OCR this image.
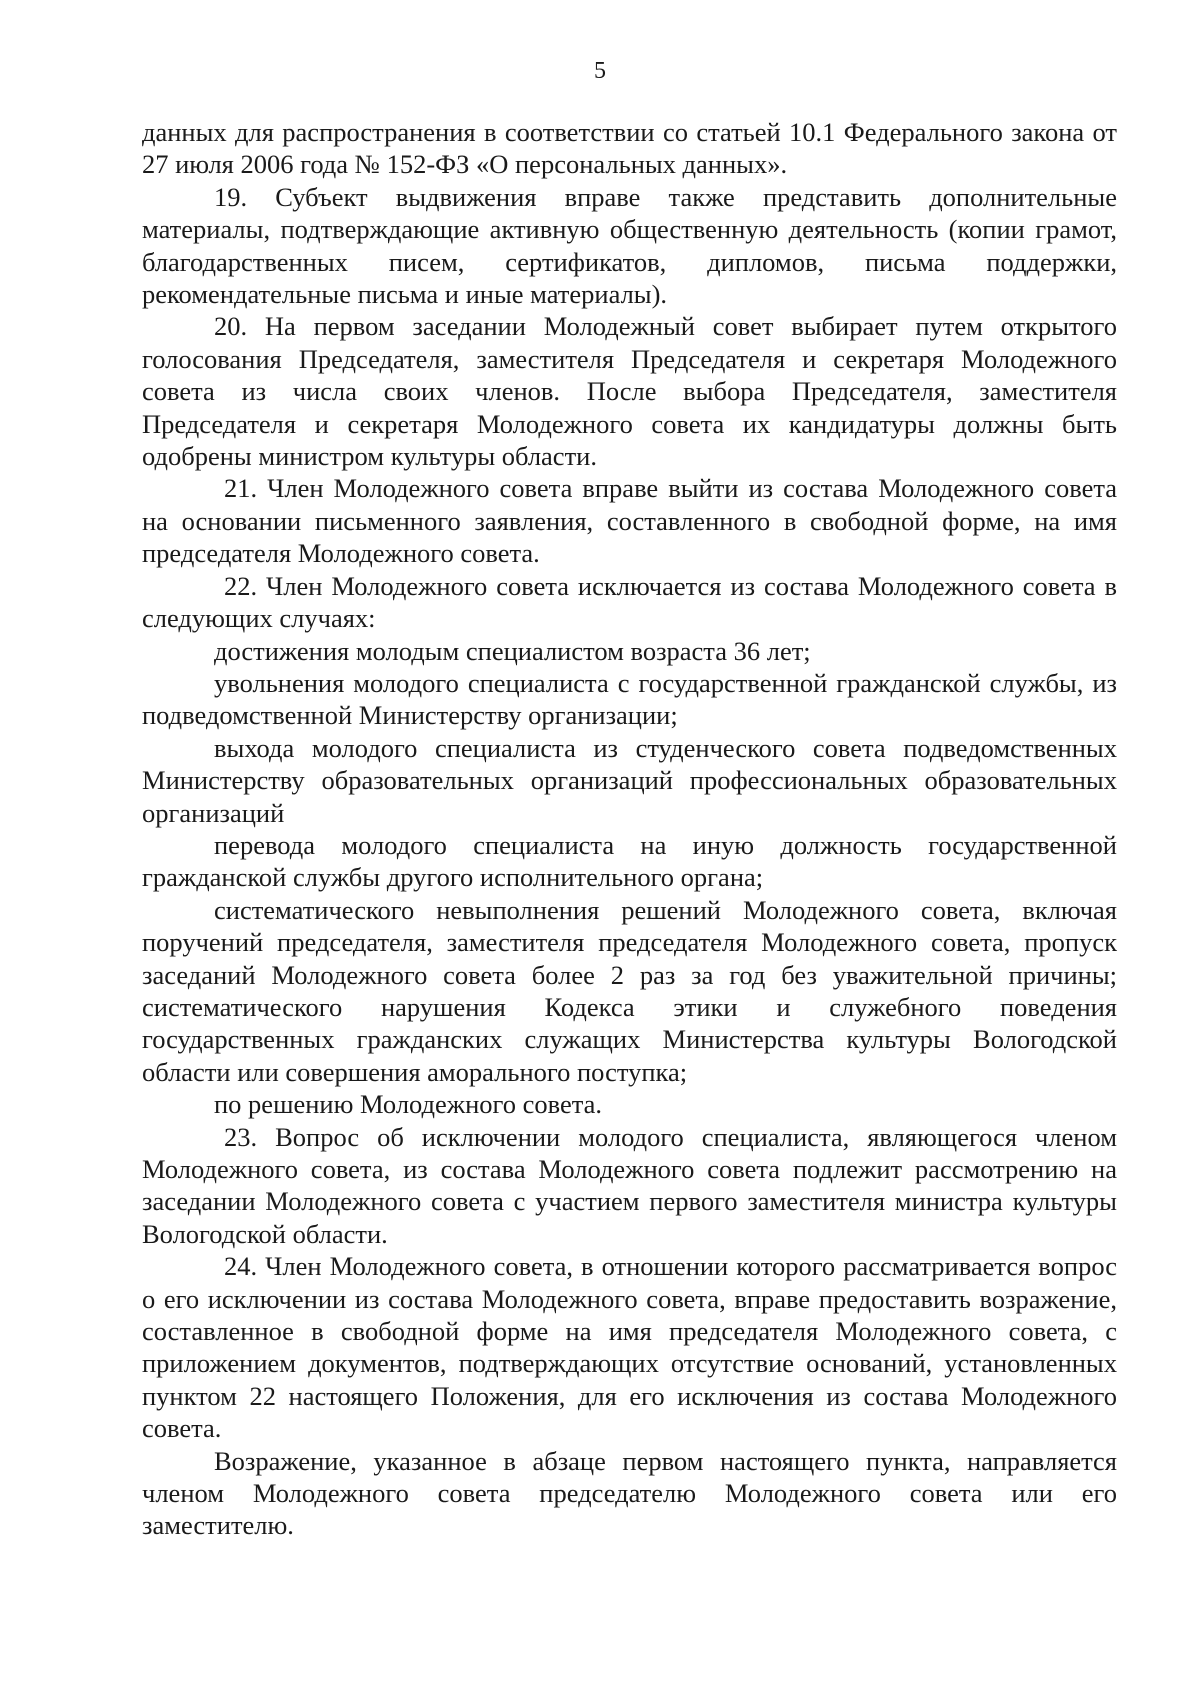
5

данных для распространения в соответствии со статьей 10.1 Федерального закона от 27 июля 2006 года № 152-ФЗ «О персональных данных».

19. Субъект выдвижения вправе также представить дополнительные материалы, подтверждающие активную общественную деятельность (копии грамот, благодарственных писем, сертификатов, дипломов, письма поддержки, рекомендательные письма и иные материалы).

20. На первом заседании Молодежный совет выбирает путем открытого голосования Председателя, заместителя Председателя и секретаря Молодежного совета из числа своих членов. После выбора Председателя, заместителя Председателя и секретаря Молодежного совета их кандидатуры должны быть одобрены министром культуры области.

21. Член Молодежного совета вправе выйти из состава Молодежного совета на основании письменного заявления, составленного в свободной форме, на имя председателя Молодежного совета.

22. Член Молодежного совета исключается из состава Молодежного совета в следующих случаях:

достижения молодым специалистом возраста 36 лет;

увольнения молодого специалиста с государственной гражданской службы, из подведомственной Министерству организации;

выхода молодого специалиста из студенческого совета подведомственных Министерству образовательных организаций профессиональных образовательных организаций

перевода молодого специалиста на иную должность государственной гражданской службы другого исполнительного органа;

систематического невыполнения решений Молодежного совета, включая поручений председателя, заместителя председателя Молодежного совета, пропуск заседаний Молодежного совета более 2 раз за год без уважительной причины; систематического нарушения Кодекса этики и служебного поведения государственных гражданских служащих Министерства культуры Вологодской области или совершения аморального поступка;

по решению Молодежного совета.

23. Вопрос об исключении молодого специалиста, являющегося членом Молодежного совета, из состава Молодежного совета подлежит рассмотрению на заседании Молодежного совета с участием первого заместителя министра культуры Вологодской области.

24. Член Молодежного совета, в отношении которого рассматривается вопрос о его исключении из состава Молодежного совета, вправе предоставить возражение, составленное в свободной форме на имя председателя Молодежного совета, с приложением документов, подтверждающих отсутствие оснований, установленных пунктом 22 настоящего Положения, для его исключения из состава Молодежного совета.

Возражение, указанное в абзаце первом настоящего пункта, направляется членом Молодежного совета председателю Молодежного совета или его заместителю.
